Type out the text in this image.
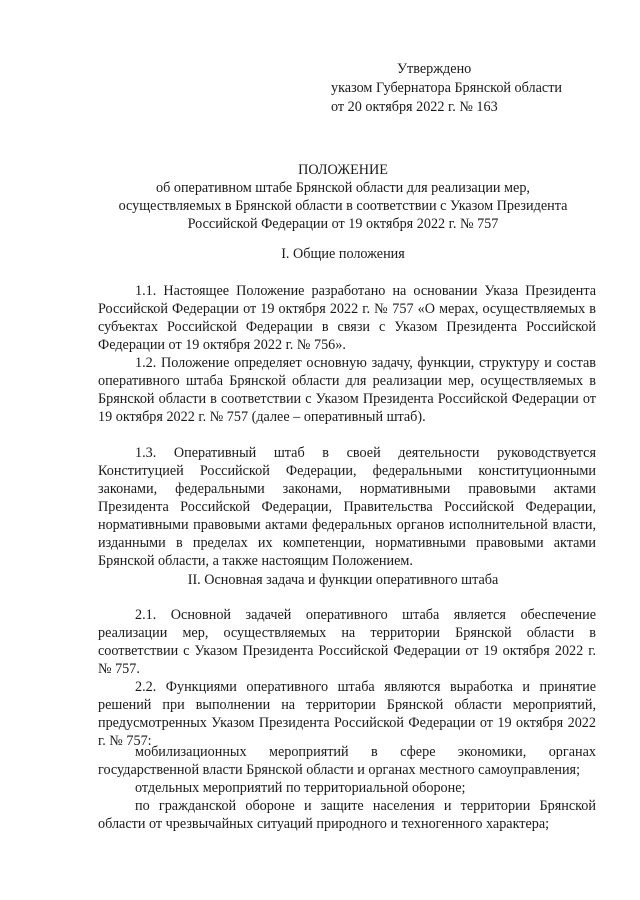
Утверждено
указом Губернатора Брянской области
от 20 октября 2022 г. № 163
ПОЛОЖЕНИЕ
об оперативном штабе Брянской области для реализации мер,
осуществляемых в Брянской области в соответствии с Указом Президента
Российской Федерации от 19 октября 2022 г. № 757
I. Общие положения
1.1. Настоящее Положение разработано на основании Указа Президента Российской Федерации от 19 октября 2022 г. № 757 «О мерах, осуществляемых в субъектах Российской Федерации в связи с Указом Президента Российской Федерации от 19 октября 2022 г. № 756».
1.2. Положение определяет основную задачу, функции, структуру и состав оперативного штаба Брянской области для реализации мер, осуществляемых в Брянской области в соответствии с Указом Президента Российской Федерации от 19 октября 2022 г. № 757 (далее – оперативный штаб).
1.3. Оперативный штаб в своей деятельности руководствуется Конституцией Российской Федерации, федеральными конституционными законами, федеральными законами, нормативными правовыми актами Президента Российской Федерации, Правительства Российской Федерации, нормативными правовыми актами федеральных органов исполнительной власти, изданными в пределах их компетенции, нормативными правовыми актами Брянской области, а также настоящим Положением.
II. Основная задача и функции оперативного штаба
2.1. Основной задачей оперативного штаба является обеспечение реализации мер, осуществляемых на территории Брянской области в соответствии с Указом Президента Российской Федерации от 19 октября 2022 г. № 757.
2.2. Функциями оперативного штаба являются выработка и принятие решений при выполнении на территории Брянской области мероприятий, предусмотренных Указом Президента Российской Федерации от 19 октября 2022 г. № 757:
мобилизационных мероприятий в сфере экономики, органах государственной власти Брянской области и органах местного самоуправления;
отдельных мероприятий по территориальной обороне;
по гражданской обороне и защите населения и территории Брянской области от чрезвычайных ситуаций природного и техногенного характера;
